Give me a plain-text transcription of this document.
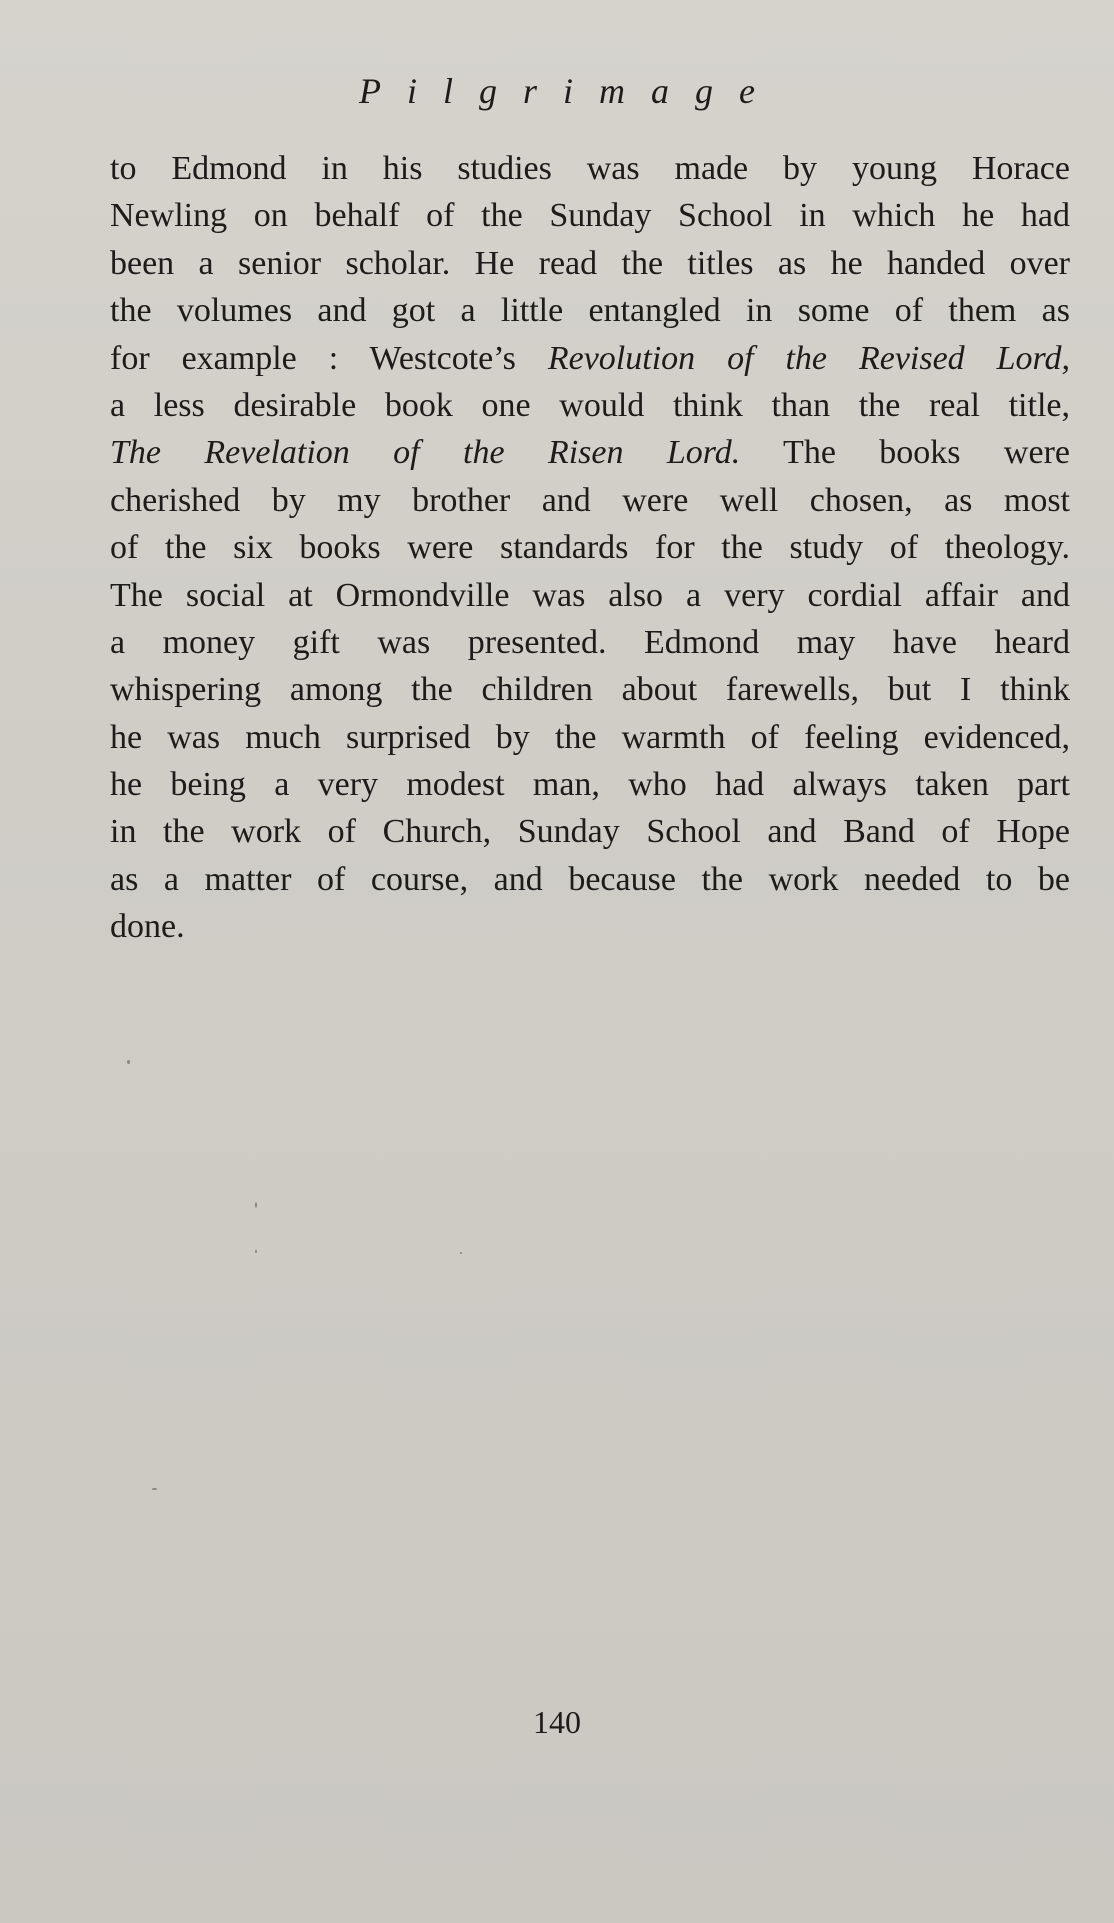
Pilgrimage
to Edmond in his studies was made by young Horace
Newling on behalf of the Sunday School in which he had
been a senior scholar. He read the titles as he handed over
the volumes and got a little entangled in some of them as
for example : Westcote’s Revolution of the Revised Lord,
a less desirable book one would think than the real title,
The Revelation of the Risen Lord. The books were
cherished by my brother and were well chosen, as most
of the six books were standards for the study of theology.
The social at Ormondville was also a very cordial affair and
a money gift was presented. Edmond may have heard
whispering among the children about farewells, but I think
he was much surprised by the warmth of feeling evidenced,
he being a very modest man, who had always taken part
in the work of Church, Sunday School and Band of Hope
as a matter of course, and because the work needed to be
done.
140
